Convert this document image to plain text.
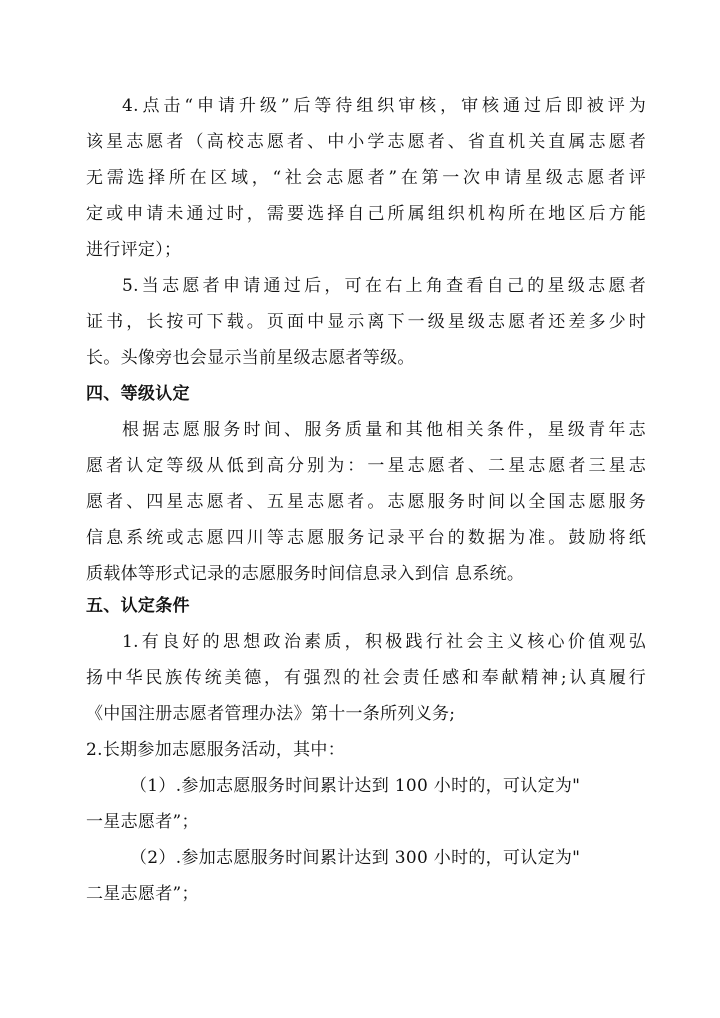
4.点击“申请升级”后等待组织审核，审核通过后即被评为
该星志愿者（高校志愿者、中小学志愿者、省直机关直属志愿者
无需选择所在区域，“社会志愿者”在第一次申请星级志愿者评
定或申请未通过时，需要选择自己所属组织机构所在地区后方能
进行评定）；
5.当志愿者申请通过后，可在右上角查看自己的星级志愿者
证书，长按可下载。页面中显示离下一级星级志愿者还差多少时
长。头像旁也会显示当前星级志愿者等级。
四、等级认定
根据志愿服务时间、服务质量和其他相关条件，星级青年志
愿者认定等级从低到高分别为：一星志愿者、二星志愿者三星志
愿者、四星志愿者、五星志愿者。志愿服务时间以全国志愿服务
信息系统或志愿四川等志愿服务记录平台的数据为准。鼓励将纸
质载体等形式记录的志愿服务时间信息录入到信 息系统。
五、认定条件
1.有良好的思想政治素质，积极践行社会主义核心价值观弘
扬中华民族传统美德，有强烈的社会责任感和奉献精神;认真履行
《中国注册志愿者管理办法》第十一条所列义务;
2.长期参加志愿服务活动，其中：
（1）.参加志愿服务时间累计达到 100 小时的，可认定为"
一星志愿者”；
（2）.参加志愿服务时间累计达到 300 小时的，可认定为"
二星志愿者”；
